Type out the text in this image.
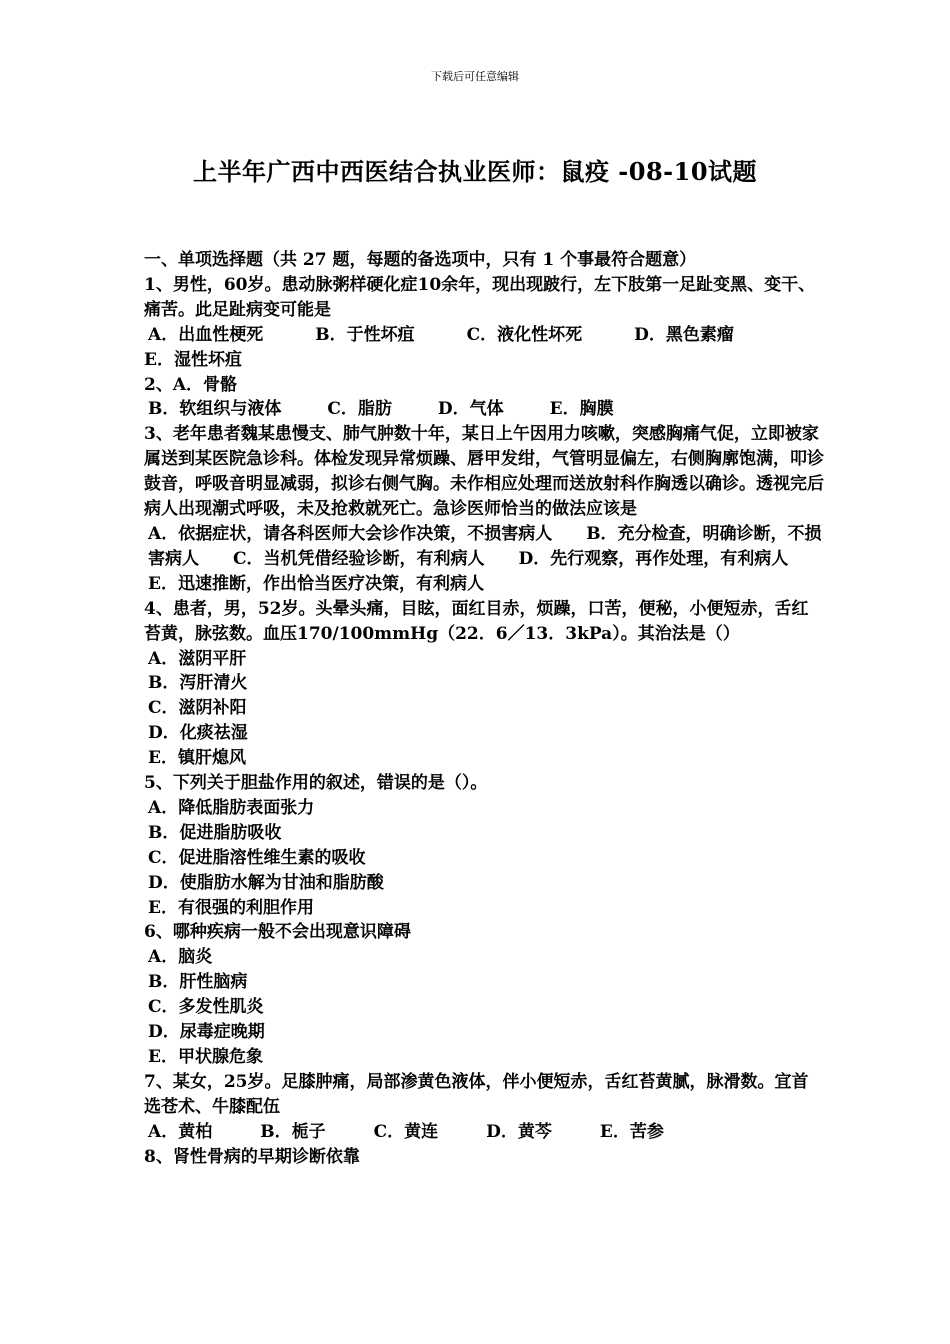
下载后可任意编辑
上半年广西中西医结合执业医师：鼠疫 -08-10试题

一、单项选择题（共 27 题，每题的备选项中，只有 1 个事最符合题意）

1、男性，60岁。患动脉粥样硬化症10余年，现出现跛行，左下肢第一足趾变黑、变干、痛苦。此足趾病变可能是

A．出血性梗死	B．于性坏疽	C．液化性坏死	D．黑色素瘤

E．湿性坏疽

2、A．骨骼

B．软组织与液体	C．脂肪	D．气体	E．胸膜

3、老年患者魏某患慢支、肺气肿数十年，某日上午因用力咳嗽，突感胸痛气促，立即被家属送到某医院急诊科。体检发现异常烦躁、唇甲发绀，气管明显偏左，右侧胸廓饱满，叩诊鼓音，呼吸音明显减弱，拟诊右侧气胸。未作相应处理而送放射科作胸透以确诊。透视完后病人出现潮式呼吸，未及抢救就死亡。急诊医师恰当的做法应该是

A．依据症状，请各科医师大会诊作决策，不损害病人　　B．充分检查，明确诊断，不损害病人　　C．当机凭借经验诊断，有利病人　　D．先行观察，再作处理，有利病人　　E．迅速推断，作出恰当医疗决策，有利病人

4、患者，男，52岁。头晕头痛，目眩，面红目赤，烦躁，口苦，便秘，小便短赤，舌红苔黄，脉弦数。血压170/100mmHg（22．6／13．3kPa）。其治法是（）

A．滋阴平肝

B．泻肝清火

C．滋阴补阳

D．化痰祛湿

E．镇肝熄风

5、下列关于胆盐作用的叙述，错误的是（）。

A．降低脂肪表面张力

B．促进脂肪吸收

C．促进脂溶性维生素的吸收

D．使脂肪水解为甘油和脂肪酸

E．有很强的利胆作用

6、哪种疾病一般不会出现意识障碍

A．脑炎

B．肝性脑病

C．多发性肌炎

D．尿毒症晚期

E．甲状腺危象

7、某女，25岁。足膝肿痛，局部渗黄色液体，伴小便短赤，舌红苔黄腻，脉滑数。宜首选苍术、牛膝配伍

A．黄柏	B．栀子	C．黄连	D．黄芩	E．苦参

8、肾性骨病的早期诊断依靠
